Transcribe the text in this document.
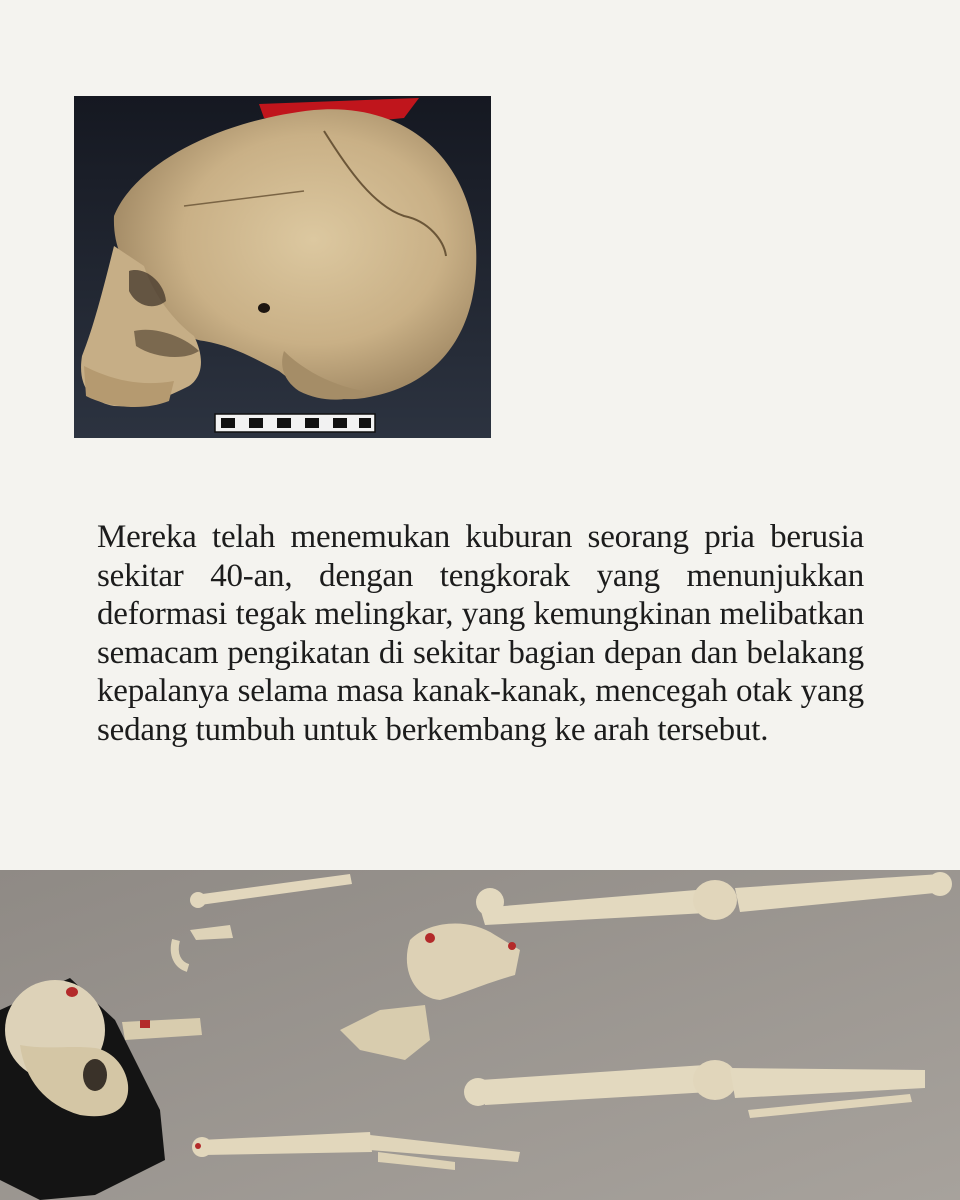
Mereka telah menemukan kuburan seorang pria berusia sekitar 40-an, dengan tengkorak yang menunjukkan deformasi tegak melingkar, yang kemungkinan melibatkan semacam pengikatan di sekitar bagian depan dan belakang kepalanya selama masa kanak-kanak, mencegah otak yang sedang tumbuh untuk berkembang ke arah tersebut.
